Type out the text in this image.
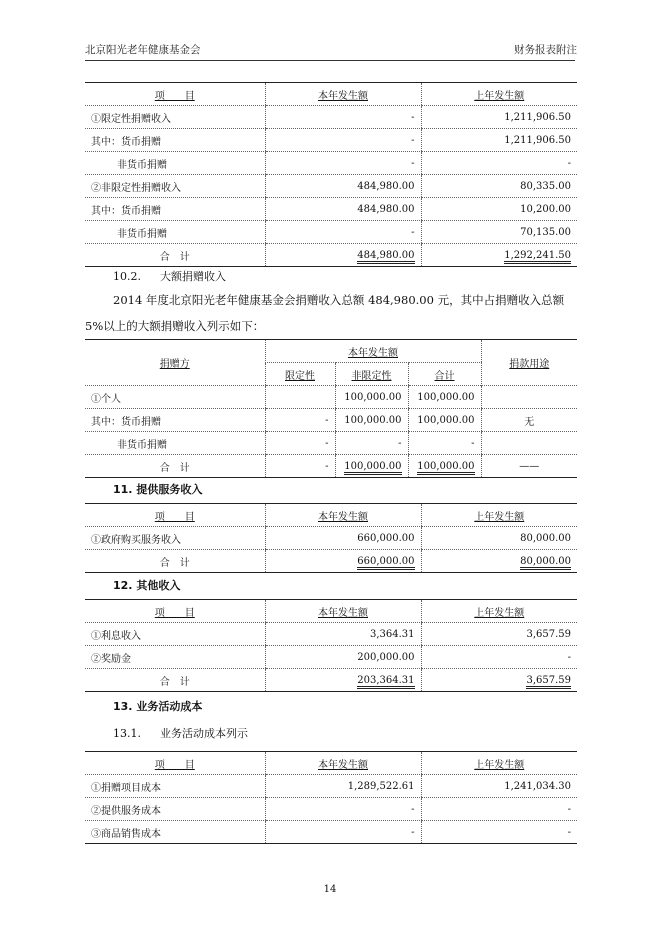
北京阳光老年健康基金会	财务报表附注
项　　目	本年发生额	上年发生额
①限定性捐赠收入	-	1,211,906.50
其中：货币捐赠	-	1,211,906.50
非货币捐赠	-	-
②非限定性捐赠收入	484,980.00	80,335.00
其中：货币捐赠	484,980.00	10,200.00
非货币捐赠	-	70,135.00
合　计	484,980.00	1,292,241.50
10.2. 大额捐赠收入
2014 年度北京阳光老年健康基金会捐赠收入总额 484,980.00 元，其中占捐赠收入总额 5%以上的大额捐赠收入列示如下：
捐赠方	本年发生额			捐款用途
	限定性	非限定性	合计	
①个人		100,000.00	100,000.00	
其中：货币捐赠	-	100,000.00	100,000.00	无
非货币捐赠	-	-	-	
合　计	-	100,000.00	100,000.00	——
11. 提供服务收入
项　　目	本年发生额	上年发生额
①政府购买服务收入	660,000.00	80,000.00
合　计	660,000.00	80,000.00
12. 其他收入
项　　目	本年发生额	上年发生额
①利息收入	3,364.31	3,657.59
②奖励金	200,000.00	-
合　计	203,364.31	3,657.59
13. 业务活动成本
13.1. 业务活动成本列示
项　　目	本年发生额	上年发生额
①捐赠项目成本	1,289,522.61	1,241,034.30
②提供服务成本	-	-
③商品销售成本	-	-
14
